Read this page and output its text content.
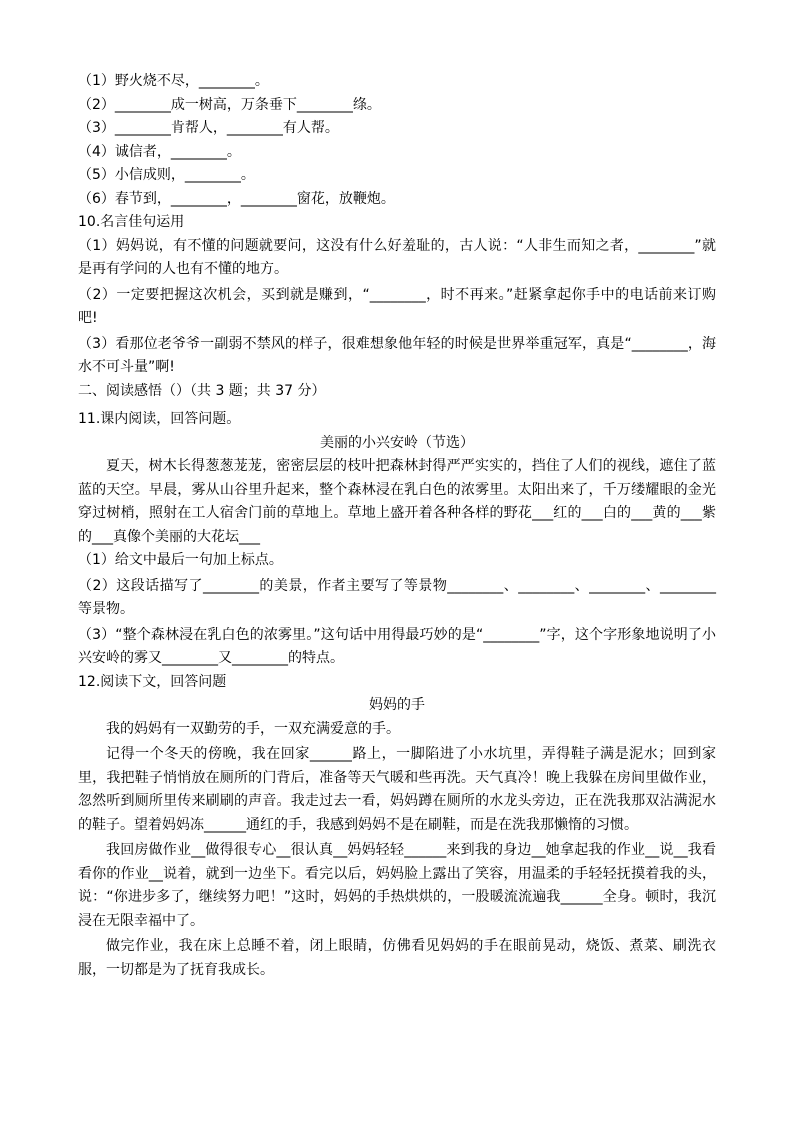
（1）野火烧不尽，________。
（2）________成一树高，万条垂下________绦。
（3）________肯帮人，________有人帮。
（4）诚信者，________。
（5）小信成则，________。
（6）春节到，________，________窗花，放鞭炮。
10.名言佳句运用
（1）妈妈说，有不懂的问题就要问，这没有什么好羞耻的，古人说：“人非生而知之者，________”就是再有学问的人也有不懂的地方。
（2）一定要把握这次机会，买到就是赚到，“________，时不再来。”赶紧拿起你手中的电话前来订购吧!
（3）看那位老爷爷一副弱不禁风的样子，很难想象他年轻的时候是世界举重冠军，真是“________，海水不可斗量”啊!
二、阅读感悟（）（共 3 题；共 37 分）
11.课内阅读，回答问题。
美丽的小兴安岭（节选）
夏天，树木长得葱葱茏茏，密密层层的枝叶把森林封得严严实实的，挡住了人们的视线，遮住了蓝蓝的天空。早晨，雾从山谷里升起来，整个森林浸在乳白色的浓雾里。太阳出来了，千万缕耀眼的金光穿过树梢，照射在工人宿舍门前的草地上。草地上盛开着各种各样的野花___红的___白的___黄的___紫的___真像个美丽的大花坛___
（1）给文中最后一句加上标点。
（2）这段话描写了________的美景，作者主要写了等景物________、________、________、________等景物。
（3）“整个森林浸在乳白色的浓雾里。”这句话中用得最巧妙的是“________”字，这个字形象地说明了小兴安岭的雾又________又________的特点。
12.阅读下文，回答问题
妈妈的手
我的妈妈有一双勤劳的手，一双充满爱意的手。
记得一个冬天的傍晚，我在回家______路上，一脚陷进了小水坑里，弄得鞋子满是泥水；回到家里，我把鞋子悄悄放在厕所的门背后，准备等天气暖和些再洗。天气真冷！晚上我躲在房间里做作业，忽然听到厕所里传来刷刷的声音。我走过去一看，妈妈蹲在厕所的水龙头旁边，正在洗我那双沾满泥水的鞋子。望着妈妈冻______通红的手，我感到妈妈不是在刷鞋，而是在洗我那懒惰的习惯。
我回房做作业__做得很专心__很认真__妈妈轻轻______来到我的身边__她拿起我的作业__说__我看看你的作业__说着，就到一边坐下。看完以后，妈妈脸上露出了笑容，用温柔的手轻轻抚摸着我的头，说：“你进步多了，继续努力吧！”这时，妈妈的手热烘烘的，一股暖流流遍我______全身。顿时，我沉浸在无限幸福中了。
做完作业，我在床上总睡不着，闭上眼睛，仿佛看见妈妈的手在眼前晃动，烧饭、煮菜、刷洗衣服，一切都是为了抚育我成长。
